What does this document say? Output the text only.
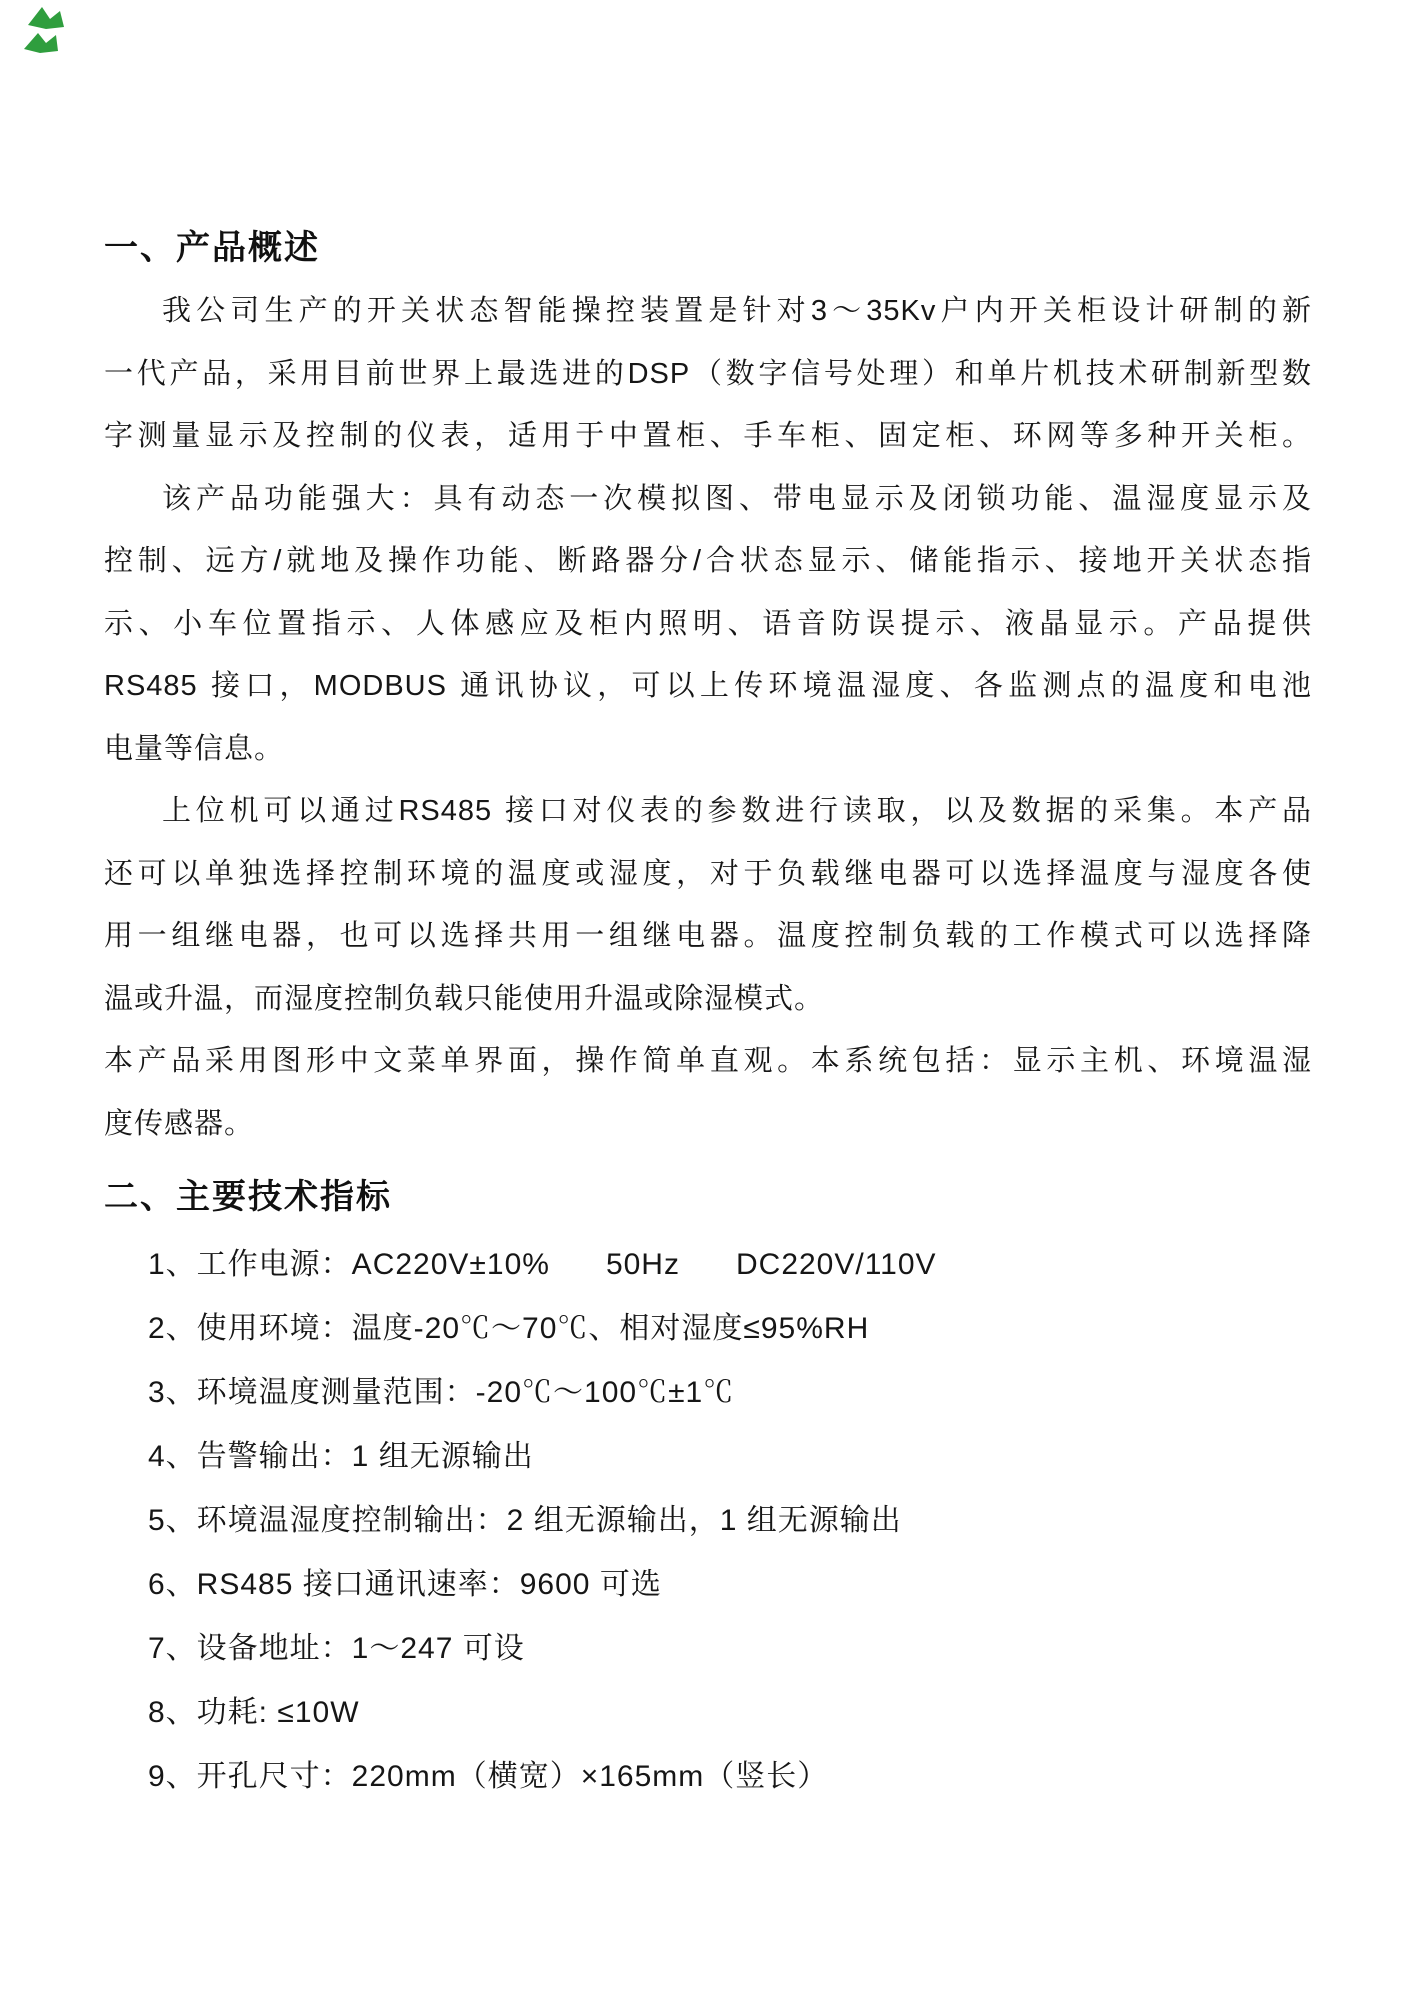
一、产品概述
我公司生产的开关状态智能操控装置是针对3～35Kv户内开关柜设计研制的新
一代产品，采用目前世界上最选进的DSP（数字信号处理）和单片机技术研制新型数
字测量显示及控制的仪表，适用于中置柜、手车柜、固定柜、环网等多种开关柜。
该产品功能强大：具有动态一次模拟图、带电显示及闭锁功能、温湿度显示及
控制、远方/就地及操作功能、断路器分/合状态显示、储能指示、接地开关状态指
示、小车位置指示、人体感应及柜内照明、语音防误提示、液晶显示。产品提供
RS485 接口，MODBUS 通讯协议，可以上传环境温湿度、各监测点的温度和电池
电量等信息。
上位机可以通过RS485 接口对仪表的参数进行读取，以及数据的采集。本产品
还可以单独选择控制环境的温度或湿度，对于负载继电器可以选择温度与湿度各使
用一组继电器，也可以选择共用一组继电器。温度控制负载的工作模式可以选择降
温或升温，而湿度控制负载只能使用升温或除湿模式。
本产品采用图形中文菜单界面，操作简单直观。本系统包括：显示主机、环境温湿
度传感器。
二、主要技术指标
1、工作电源：AC220V±10%      50Hz      DC220V/110V
2、使用环境：温度-20℃～70℃、相对湿度≤95%RH
3、环境温度测量范围：-20℃～100℃±1℃
4、告警输出：1 组无源输出
5、环境温湿度控制输出：2 组无源输出，1 组无源输出
6、RS485 接口通讯速率：9600 可选
7、设备地址：1～247 可设
8、功耗: ≤10W
9、开孔尺寸：220mm（横宽）×165mm（竖长）
